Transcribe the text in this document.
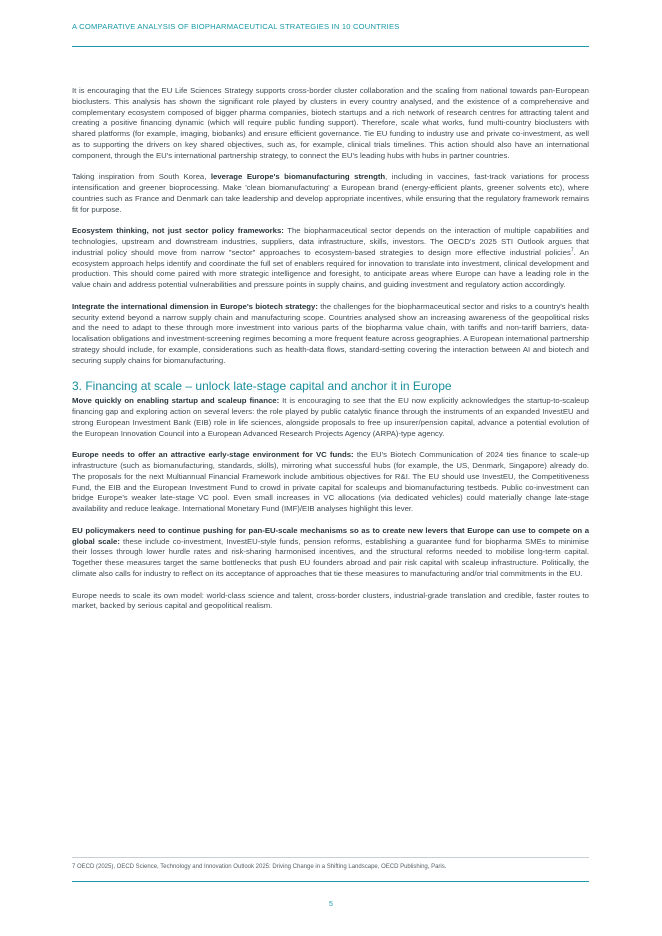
A COMPARATIVE ANALYSIS OF BIOPHARMACEUTICAL STRATEGIES IN 10 COUNTRIES

It is encouraging that the EU Life Sciences Strategy supports cross-border cluster collaboration and the scaling from national towards pan-European bioclusters. This analysis has shown the significant role played by clusters in every country analysed, and the existence of a comprehensive and complementary ecosystem composed of bigger pharma companies, biotech startups and a rich network of research centres for attracting talent and creating a positive financing dynamic (which will require public funding support). Therefore, scale what works, fund multi-country bioclusters with shared platforms (for example, imaging, biobanks) and ensure efficient governance. Tie EU funding to industry use and private co-investment, as well as to supporting the drivers on key shared objectives, such as, for example, clinical trials timelines. This action should also have an international component, through the EU's international partnership strategy, to connect the EU's leading hubs with hubs in partner countries.

Taking inspiration from South Korea, leverage Europe's biomanufacturing strength, including in vaccines, fast-track variations for process intensification and greener bioprocessing. Make 'clean biomanufacturing' a European brand (energy-efficient plants, greener solvents etc), where countries such as France and Denmark can take leadership and develop appropriate incentives, while ensuring that the regulatory framework remains fit for purpose.

Ecosystem thinking, not just sector policy frameworks: The biopharmaceutical sector depends on the interaction of multiple capabilities and technologies, upstream and downstream industries, suppliers, data infrastructure, skills, investors. The OECD's 2025 STI Outlook argues that industrial policy should move from narrow "sector" approaches to ecosystem-based strategies to design more effective industrial policies$^7$. An ecosystem approach helps identify and coordinate the full set of enablers required for innovation to translate into investment, clinical development and production. This should come paired with more strategic intelligence and foresight, to anticipate areas where Europe can have a leading role in the value chain and address potential vulnerabilities and pressure points in supply chains, and guiding investment and regulatory action accordingly.

Integrate the international dimension in Europe's biotech strategy: the challenges for the biopharmaceutical sector and risks to a country's health security extend beyond a narrow supply chain and manufacturing scope. Countries analysed show an increasing awareness of the geopolitical risks and the need to adapt to these through more investment into various parts of the biopharma value chain, with tariffs and non-tariff barriers, data-localisation obligations and investment-screening regimes becoming a more frequent feature across geographies. A European international partnership strategy should include, for example, considerations such as health-data flows, standard-setting covering the interaction between AI and biotech and securing supply chains for biomanufacturing.

3. Financing at scale – unlock late-stage capital and anchor it in Europe

Move quickly on enabling startup and scaleup finance: It is encouraging to see that the EU now explicitly acknowledges the startup-to-scaleup financing gap and exploring action on several levers: the role played by public catalytic finance through the instruments of an expanded InvestEU and strong European Investment Bank (EIB) role in life sciences, alongside proposals to free up insurer/pension capital, advance a potential evolution of the European Innovation Council into a European Advanced Research Projects Agency (ARPA)-type agency.

Europe needs to offer an attractive early-stage environment for VC funds: the EU's Biotech Communication of 2024 ties finance to scale-up infrastructure (such as biomanufacturing, standards, skills), mirroring what successful hubs (for example, the US, Denmark, Singapore) already do. The proposals for the next Multiannual Financial Framework include ambitious objectives for R&I. The EU should use InvestEU, the Competitiveness Fund, the EIB and the European Investment Fund to crowd in private capital for scaleups and biomanufacturing testbeds. Public co-investment can bridge Europe's weaker late-stage VC pool. Even small increases in VC allocations (via dedicated vehicles) could materially change late-stage availability and reduce leakage. International Monetary Fund (IMF)/EIB analyses highlight this lever.

EU policymakers need to continue pushing for pan-EU-scale mechanisms so as to create new levers that Europe can use to compete on a global scale: these include co-investment, InvestEU-style funds, pension reforms, establishing a guarantee fund for biopharma SMEs to minimise their losses through lower hurdle rates and risk-sharing harmonised incentives, and the structural reforms needed to mobilise long-term capital. Together these measures target the same bottlenecks that push EU founders abroad and pair risk capital with scaleup infrastructure. Politically, the climate also calls for industry to reflect on its acceptance of approaches that tie these measures to manufacturing and/or trial commitments in the EU.

Europe needs to scale its own model: world-class science and talent, cross-border clusters, industrial-grade translation and credible, faster routes to market, backed by serious capital and geopolitical realism.

7 OECD (2025), OECD Science, Technology and Innovation Outlook 2025: Driving Change in a Shifting Landscape, OECD Publishing, Paris.
5
